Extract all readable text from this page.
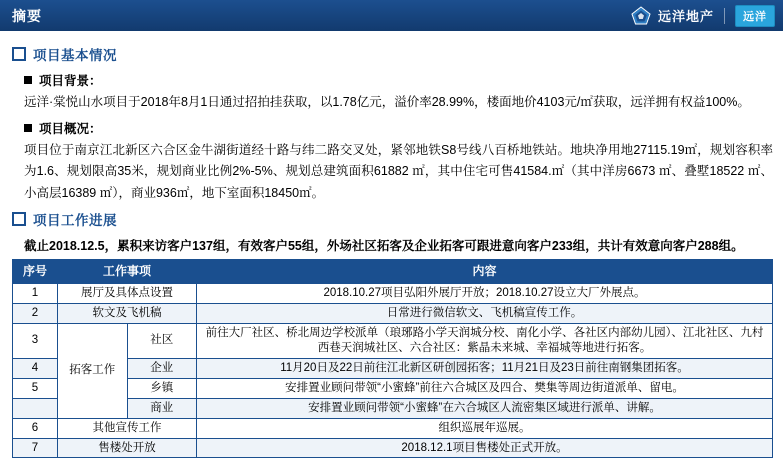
摘要	远洋地产	远洋
项目基本情况
项目背景：
远洋·棠悦山水项目于2018年8月1日通过招拍挂获取，以1.78亿元，溢价率28.99%，楼面地价4103元/㎡获取，远洋拥有权益100%。
项目概况：
项目位于南京江北新区六合区金牛湖街道经十路与纬二路交叉处，紧邻地铁S8号线八百桥地铁站。地块净用地27115.19㎡，规划容积率为1.6、规划限高35米，规划商业比例2%-5%、规划总建筑面积61882 ㎡，其中住宅可售41584.㎡（其中洋房6673 ㎡、叠墅18522 ㎡、小高层16389 ㎡），商业936㎡，地下室面积18450㎡。
项目工作进展
截止2018.12.5，累积来访客户137组，有效客户55组，外场社区拓客及企业拓客可跟进意向客户233组，共计有效意向客户288组。
序号	工作事项		内容
1	展厅及具体点设置		2018.10.27项目弘阳外展厅开放；2018.10.27设立大厂外展点。
2	软文及飞机稿		日常进行微信软文、飞机稿宣传工作。
3	拓客工作	社区	前往大厂社区、桥北周边学校派单（琅琊路小学天润城分校、南化小学、各社区内部幼儿园）、江北社区、九村西巷天润城社区、六合社区：紫晶未来城、幸福城等地进行拓客。
4		企业	11月20日及22日前往江北新区研创园拓客；11月21日及23日前往南钢集团拓客。
5		乡镇	安排置业顾问带领“小蜜蜂”前往六合城区及四合、樊集等周边街道派单、留电。
		商业	安排置业顾问带领“小蜜蜂”在六合城区人流密集区域进行派单、讲解。
6	其他宣传工作		组织巡展年巡展。
7	售楼处开放		2018.12.1项目售楼处正式开放。
